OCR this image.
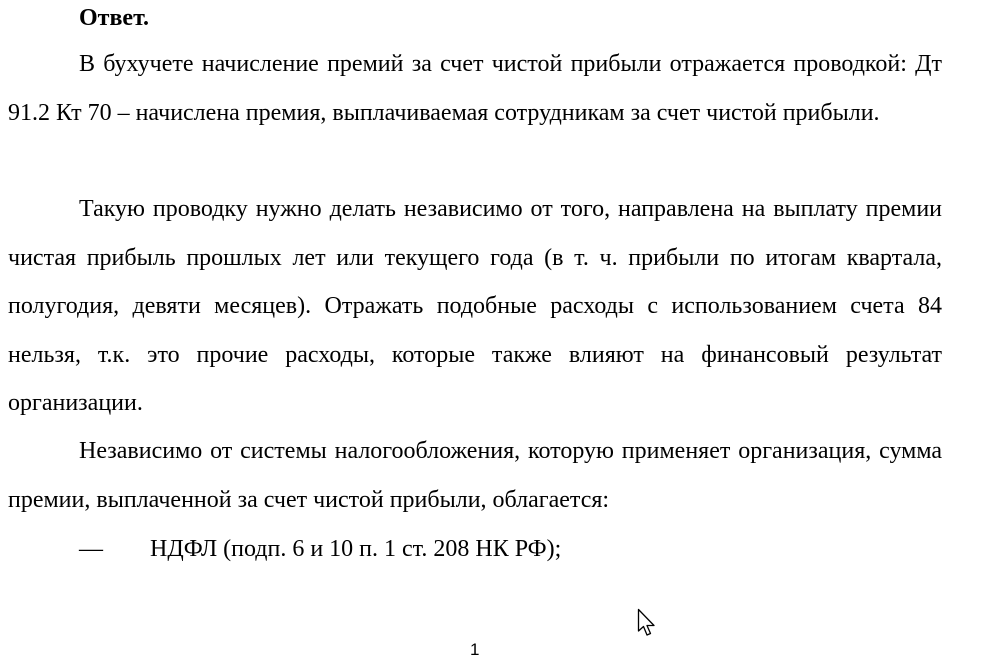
Ответ.

В бухучете начисление премий за счет чистой прибыли отражается проводкой: Дт 91.2 Кт 70 – начислена премия, выплачиваемая сотрудникам за счет чистой прибыли.

Такую проводку нужно делать независимо от того, направлена на выплату премии чистая прибыль прошлых лет или текущего года (в т. ч. прибыли по итогам квартала, полугодия, девяти месяцев). Отражать подобные расходы с использованием счета 84 нельзя, т.к. это прочие расходы, которые также влияют на финансовый результат организации.

Независимо от системы налогообложения, которую применяет организация, сумма премии, выплаченной за счет чистой прибыли, облагается:

— НДФЛ (подп. 6 и 10 п. 1 ст. 208 НК РФ);
1
